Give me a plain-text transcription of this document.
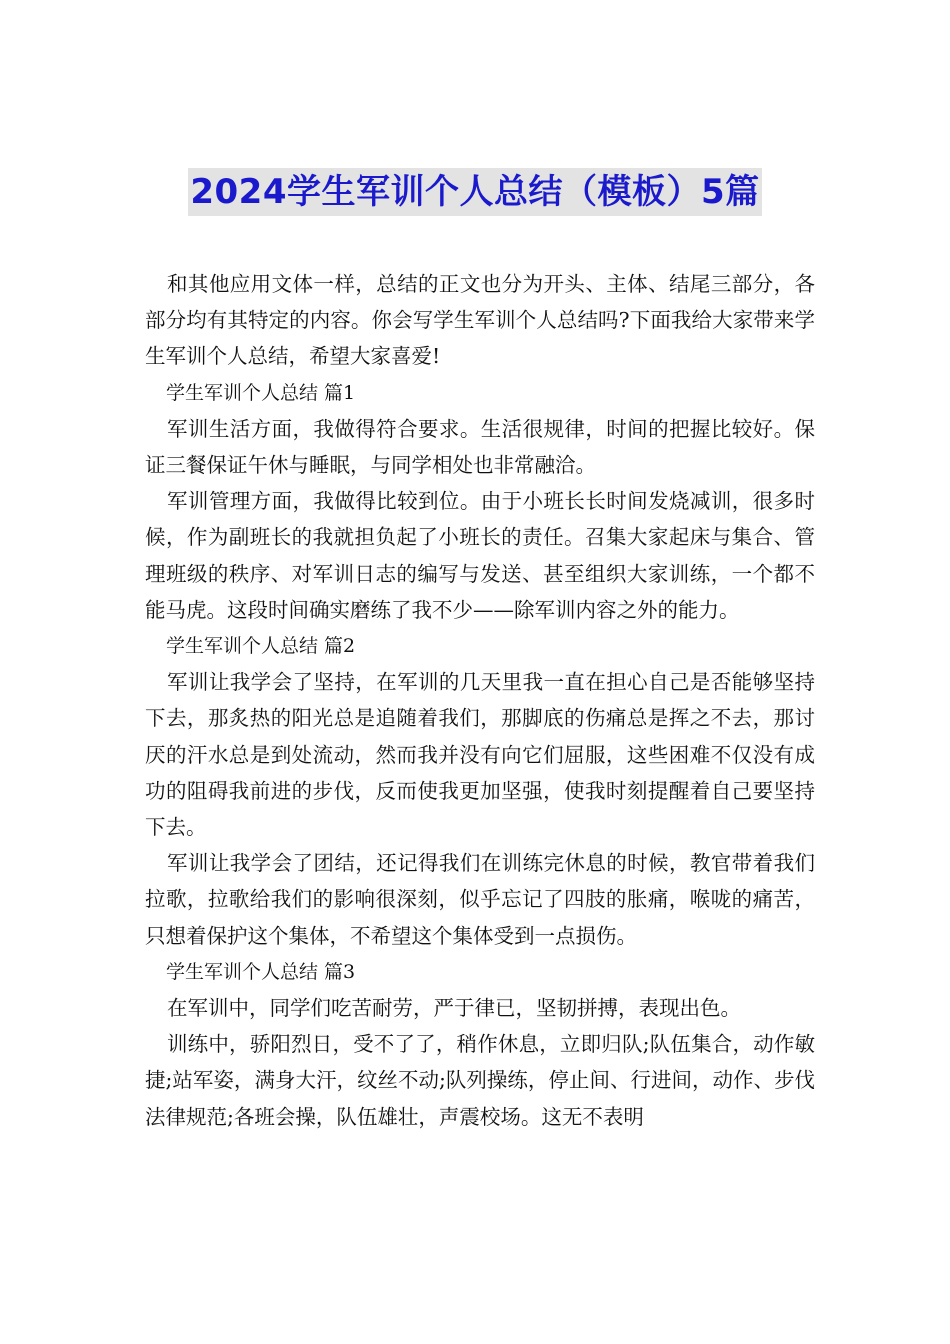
2024学生军训个人总结（模板）5篇

和其他应用文体一样，总结的正文也分为开头、主体、结尾三部分，各部分均有其特定的内容。你会写学生军训个人总结吗?下面我给大家带来学生军训个人总结，希望大家喜爱!

学生军训个人总结 篇1

军训生活方面，我做得符合要求。生活很规律，时间的把握比较好。保证三餐保证午休与睡眠，与同学相处也非常融洽。

军训管理方面，我做得比较到位。由于小班长长时间发烧减训，很多时候，作为副班长的我就担负起了小班长的责任。召集大家起床与集合、管理班级的秩序、对军训日志的编写与发送、甚至组织大家训练，一个都不能马虎。这段时间确实磨练了我不少——除军训内容之外的能力。

学生军训个人总结 篇2

军训让我学会了坚持，在军训的几天里我一直在担心自己是否能够坚持下去，那炙热的阳光总是追随着我们，那脚底的伤痛总是挥之不去，那讨厌的汗水总是到处流动，然而我并没有向它们屈服，这些困难不仅没有成功的阻碍我前进的步伐，反而使我更加坚强，使我时刻提醒着自己要坚持下去。

军训让我学会了团结，还记得我们在训练完休息的时候，教官带着我们拉歌，拉歌给我们的影响很深刻，似乎忘记了四肢的胀痛，喉咙的痛苦，只想着保护这个集体，不希望这个集体受到一点损伤。

学生军训个人总结 篇3

在军训中，同学们吃苦耐劳，严于律已，坚韧拼搏，表现出色。

训练中，骄阳烈日，受不了了，稍作休息，立即归队;队伍集合，动作敏捷;站军姿，满身大汗，纹丝不动;队列操练，停止间、行进间，动作、步伐法律规范;各班会操，队伍雄壮，声震校场。这无不表明
